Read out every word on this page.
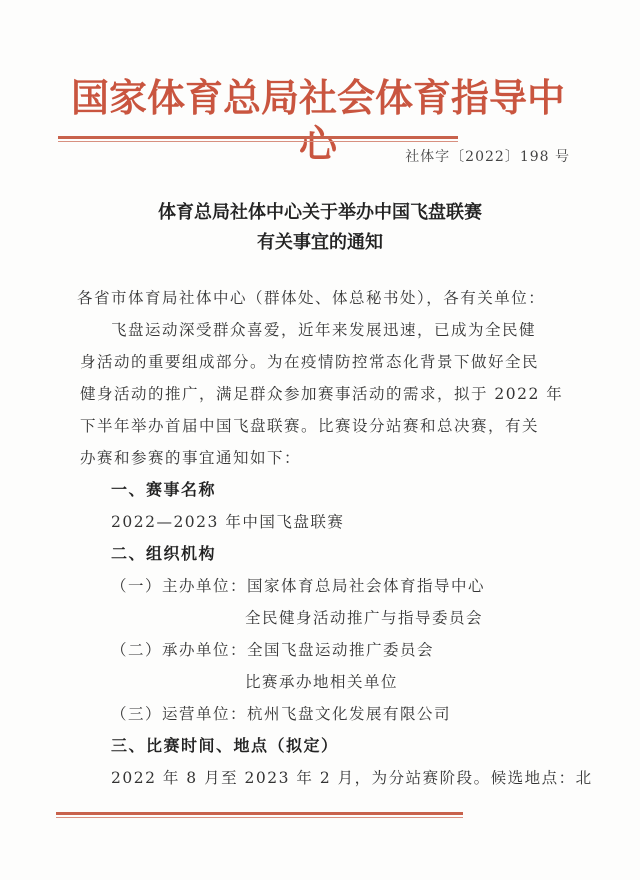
国家体育总局社会体育指导中心	社体字〔2022〕198 号
体育总局社体中心关于举办中国飞盘联赛
有关事宜的通知
各省市体育局社体中心（群体处、体总秘书处），各有关单位：
飞盘运动深受群众喜爱，近年来发展迅速，已成为全民健
身活动的重要组成部分。为在疫情防控常态化背景下做好全民
健身活动的推广，满足群众参加赛事活动的需求，拟于 2022 年
下半年举办首届中国飞盘联赛。比赛设分站赛和总决赛，有关
办赛和参赛的事宜通知如下：
一、赛事名称
2022—2023 年中国飞盘联赛
二、组织机构
（一）主办单位：国家体育总局社会体育指导中心
全民健身活动推广与指导委员会
（二）承办单位：全国飞盘运动推广委员会
比赛承办地相关单位
（三）运营单位：杭州飞盘文化发展有限公司
三、比赛时间、地点（拟定）
2022 年 8 月至 2023 年 2 月，为分站赛阶段。候选地点：北
